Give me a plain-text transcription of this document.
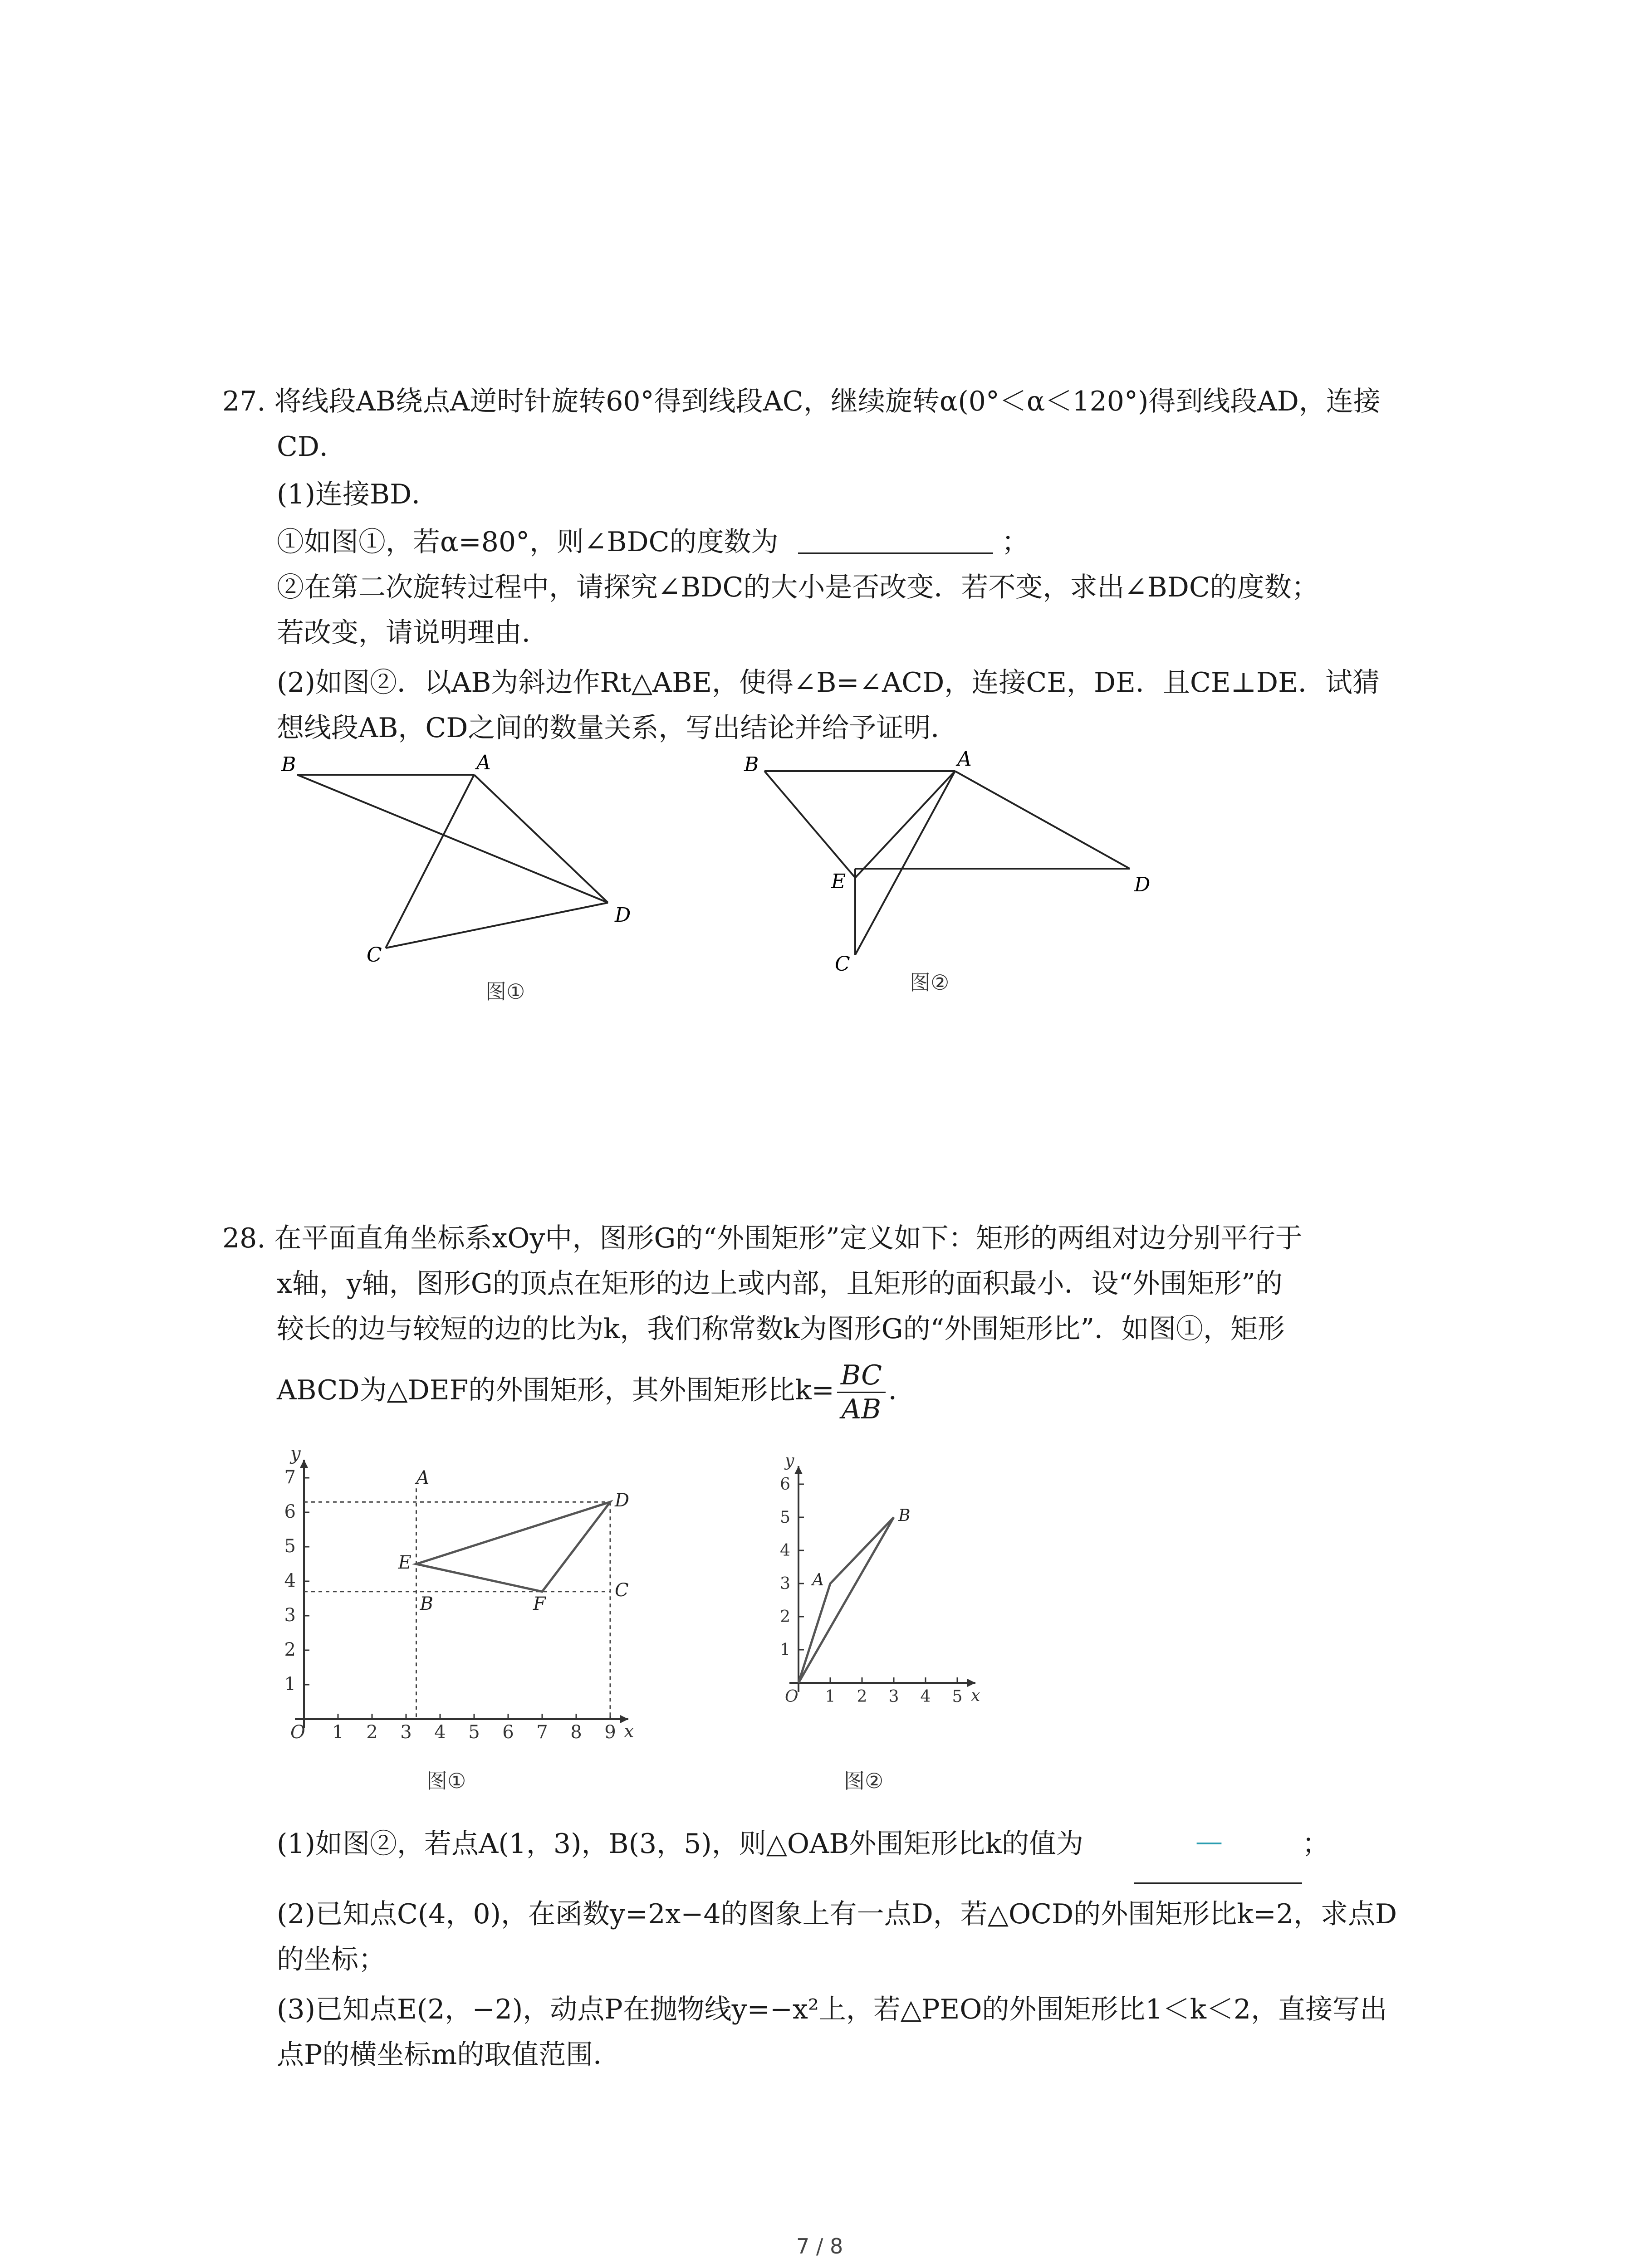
27. 将线段AB绕点A逆时针旋转60°得到线段AC，继续旋转α(0°＜α＜120°)得到线段AD，连接
CD．
(1)连接BD．
①如图①，若α=80°，则∠BDC的度数为	；
②在第二次旋转过程中，请探究∠BDC的大小是否改变．若不变，求出∠BDC的度数；
若改变，请说明理由．
(2)如图②．以AB为斜边作Rt△ABE，使得∠B=∠ACD，连接CE，DE．且CE⊥DE．试猜
想线段AB，CD之间的数量关系，写出结论并给予证明．
B	A
D
C
图①
B	A
E	D
C
图②
28. 在平面直角坐标系xOy中，图形G的“外围矩形”定义如下：矩形的两组对边分别平行于
x轴，y轴，图形G的顶点在矩形的边上或内部，且矩形的面积最小．设“外围矩形”的
较长的边与较短的边的比为k，我们称常数k为图形G的“外围矩形比”．如图①，矩形
ABCD为△DEF的外围矩形，其外围矩形比$k= \frac{BC}{AB}$ ．
1 2 3 4 5 6 7 8 9
1
2
3
4
5
6
7
O	x
y
A
B
C
D
E
F
图①
1 2 3 4 5
1
2
3
4
5
6
O	x
y
A
B
图②
(1)如图②，若点A(1，3)，B(3，5)，则△OAB外围矩形比k的值为	—	；
(2)已知点C(4，0)，在函数y=2x−4的图象上有一点D，若△OCD的外围矩形比k=2，求点D
的坐标；
(3)已知点E(2，−2)，动点P在抛物线y=−x²上，若△PEO的外围矩形比1＜k＜2，直接写出
点P的横坐标m的取值范围．
7 / 8
